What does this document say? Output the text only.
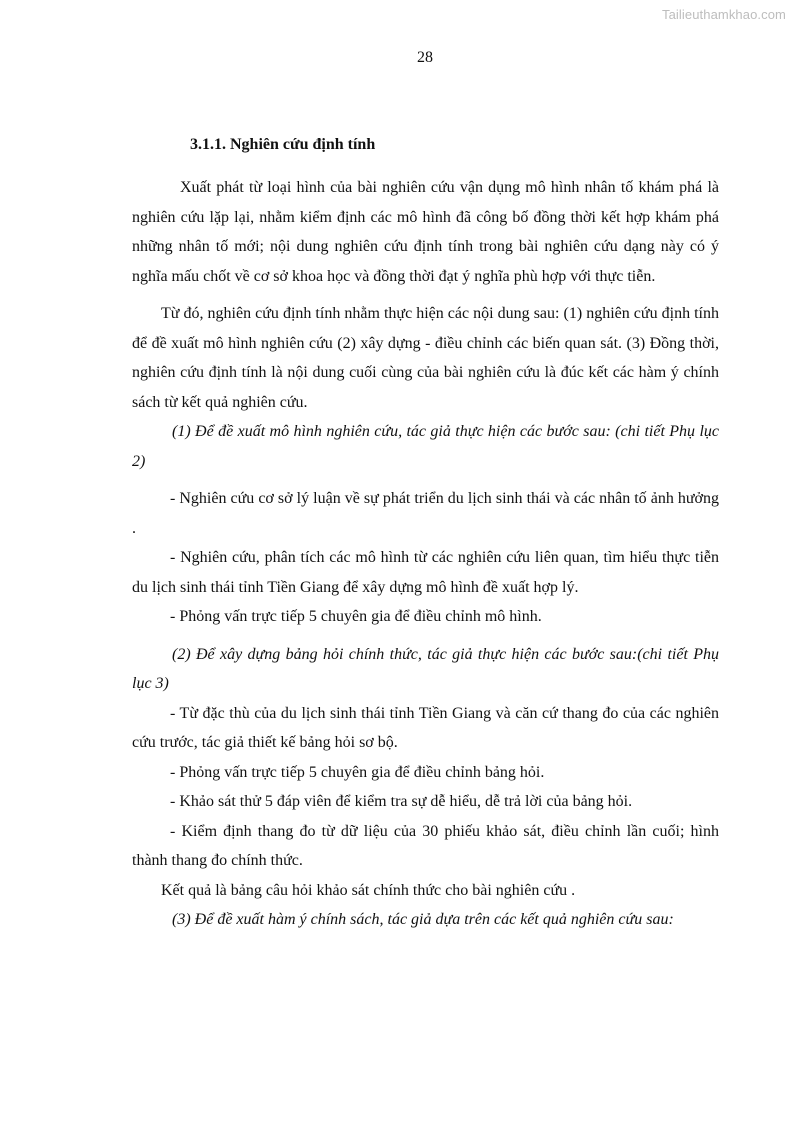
Tailieuthamkhao.com
28
3.1.1. Nghiên cứu định tính

Xuất phát từ loại hình của bài nghiên cứu vận dụng mô hình nhân tố khám phá là nghiên cứu lặp lại, nhằm kiểm định các mô hình đã công bố đồng thời kết hợp khám phá những nhân tố mới; nội dung nghiên cứu định tính trong bài nghiên cứu dạng này có ý nghĩa mấu chốt về cơ sở khoa học và đồng thời đạt ý nghĩa phù hợp với thực tiễn.

Từ đó, nghiên cứu định tính nhằm thực hiện các nội dung sau: (1) nghiên cứu định tính để đề xuất mô hình nghiên cứu (2) xây dựng - điều chỉnh các biến quan sát. (3) Đồng thời, nghiên cứu định tính là nội dung cuối cùng của bài nghiên cứu là đúc kết các hàm ý chính sách từ kết quả nghiên cứu.

(1) Để đề xuất mô hình nghiên cứu, tác giả thực hiện các bước sau: (chi tiết Phụ lục 2)

- Nghiên cứu cơ sở lý luận về sự phát triển du lịch sinh thái và các nhân tố ảnh hưởng .

- Nghiên cứu, phân tích các mô hình từ các nghiên cứu liên quan, tìm hiểu thực tiễn du lịch sinh thái tỉnh Tiền Giang để xây dựng mô hình đề xuất hợp lý.

- Phỏng vấn trực tiếp 5 chuyên gia để điều chỉnh mô hình.

(2) Để xây dựng bảng hỏi chính thức, tác giả thực hiện các bước sau:(chi tiết Phụ lục 3)

- Từ đặc thù của du lịch sinh thái tỉnh Tiền Giang và căn cứ thang đo của các nghiên cứu trước, tác giả thiết kế bảng hỏi sơ bộ.

- Phỏng vấn trực tiếp 5 chuyên gia để điều chỉnh bảng hỏi.

- Khảo sát thử 5 đáp viên để kiểm tra sự dễ hiểu, dễ trả lời của bảng hỏi.

- Kiểm định thang đo từ dữ liệu của 30 phiếu khảo sát, điều chỉnh lần cuối; hình thành thang đo chính thức.

Kết quả là bảng câu hỏi khảo sát chính thức cho bài nghiên cứu .

(3) Để đề xuất hàm ý chính sách, tác giả dựa trên các kết quả nghiên cứu sau:
